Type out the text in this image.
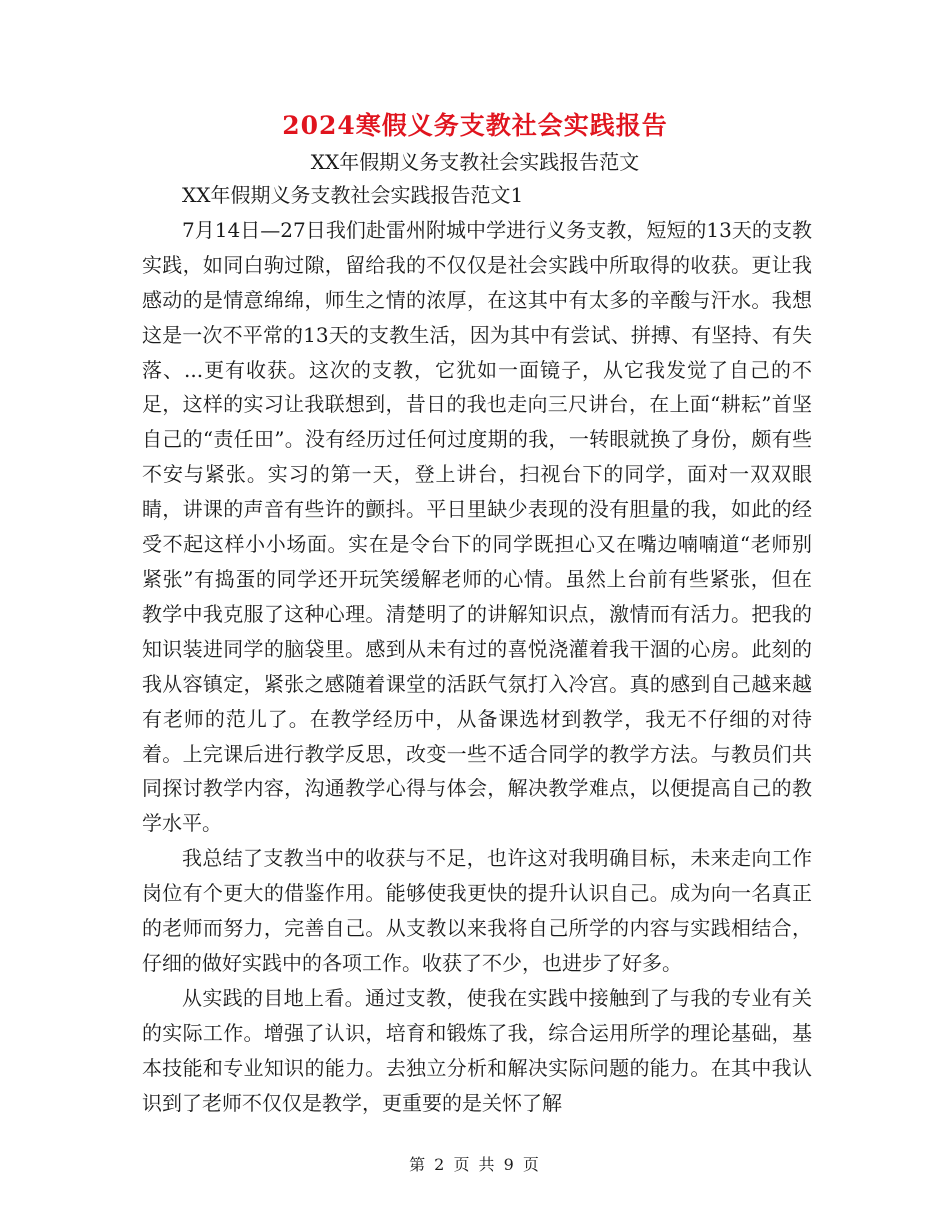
2024寒假义务支教社会实践报告
XX年假期义务支教社会实践报告范文

XX年假期义务支教社会实践报告范文1

7月14日—27日我们赴雷州附城中学进行义务支教，短短的13天的支教实践，如同白驹过隙，留给我的不仅仅是社会实践中所取得的收获。更让我感动的是情意绵绵，师生之情的浓厚，在这其中有太多的辛酸与汗水。我想这是一次不平常的13天的支教生活，因为其中有尝试、拼搏、有坚持、有失落、...更有收获。这次的支教，它犹如一面镜子，从它我发觉了自己的不足，这样的实习让我联想到，昔日的我也走向三尺讲台，在上面“耕耘”首坚自己的“责任田”。没有经历过任何过度期的我，一转眼就换了身份，颇有些不安与紧张。实习的第一天，登上讲台，扫视台下的同学，面对一双双眼睛，讲课的声音有些许的颤抖。平日里缺少表现的没有胆量的我，如此的经受不起这样小小场面。实在是令台下的同学既担心又在嘴边喃喃道“老师别紧张”有捣蛋的同学还开玩笑缓解老师的心情。虽然上台前有些紧张，但在教学中我克服了这种心理。清楚明了的讲解知识点，激情而有活力。把我的知识装进同学的脑袋里。感到从未有过的喜悦浇灌着我干涸的心房。此刻的我从容镇定，紧张之感随着课堂的活跃气氛打入冷宫。真的感到自己越来越有老师的范儿了。在教学经历中，从备课选材到教学，我无不仔细的对待着。上完课后进行教学反思，改变一些不适合同学的教学方法。与教员们共同探讨教学内容，沟通教学心得与体会，解决教学难点，以便提高自己的教学水平。

我总结了支教当中的收获与不足，也许这对我明确目标，未来走向工作岗位有个更大的借鉴作用。能够使我更快的提升认识自己。成为向一名真正的老师而努力，完善自己。从支教以来我将自己所学的内容与实践相结合，仔细的做好实践中的各项工作。收获了不少，也进步了好多。

从实践的目地上看。通过支教，使我在实践中接触到了与我的专业有关的实际工作。增强了认识，培育和锻炼了我，综合运用所学的理论基础，基本技能和专业知识的能力。去独立分析和解决实际问题的能力。在其中我认识到了老师不仅仅是教学，更重要的是关怀了解

第 2 页 共 9 页
